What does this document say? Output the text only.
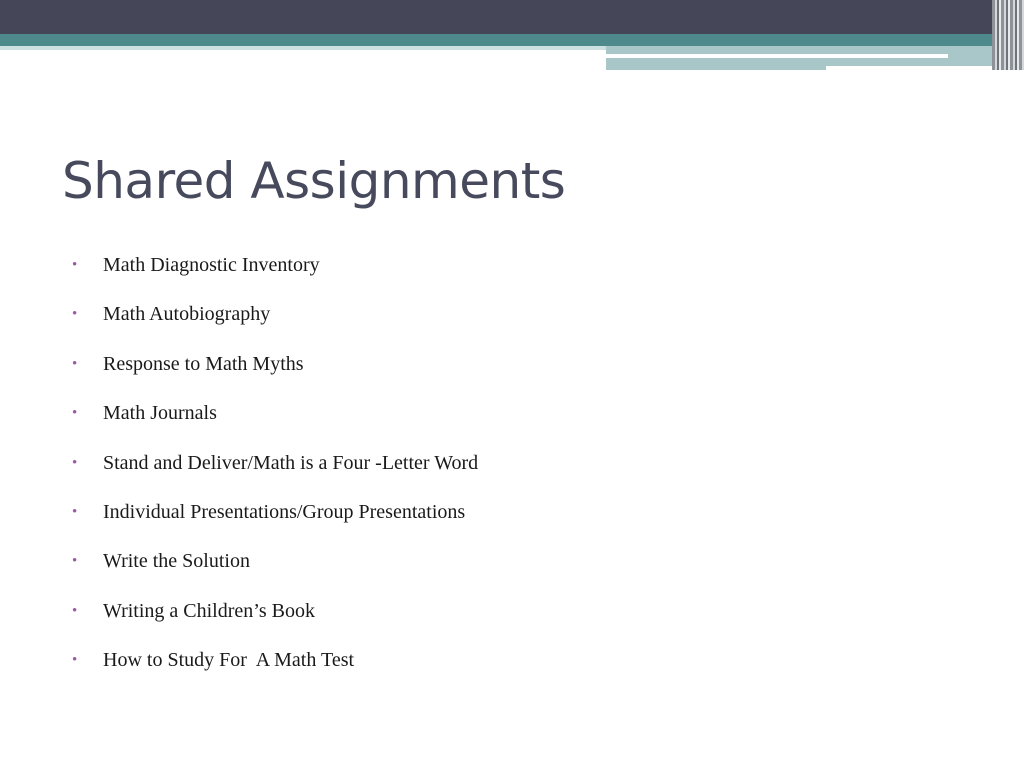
Shared Assignments
•	Math Diagnostic Inventory
•	Math Autobiography
•	Response to Math Myths
•	Math Journals
•	Stand and Deliver/Math is a Four -Letter Word
•	Individual Presentations/Group Presentations
•	Write the Solution
•	Writing a Children’s Book
•	How to Study For  A Math Test
